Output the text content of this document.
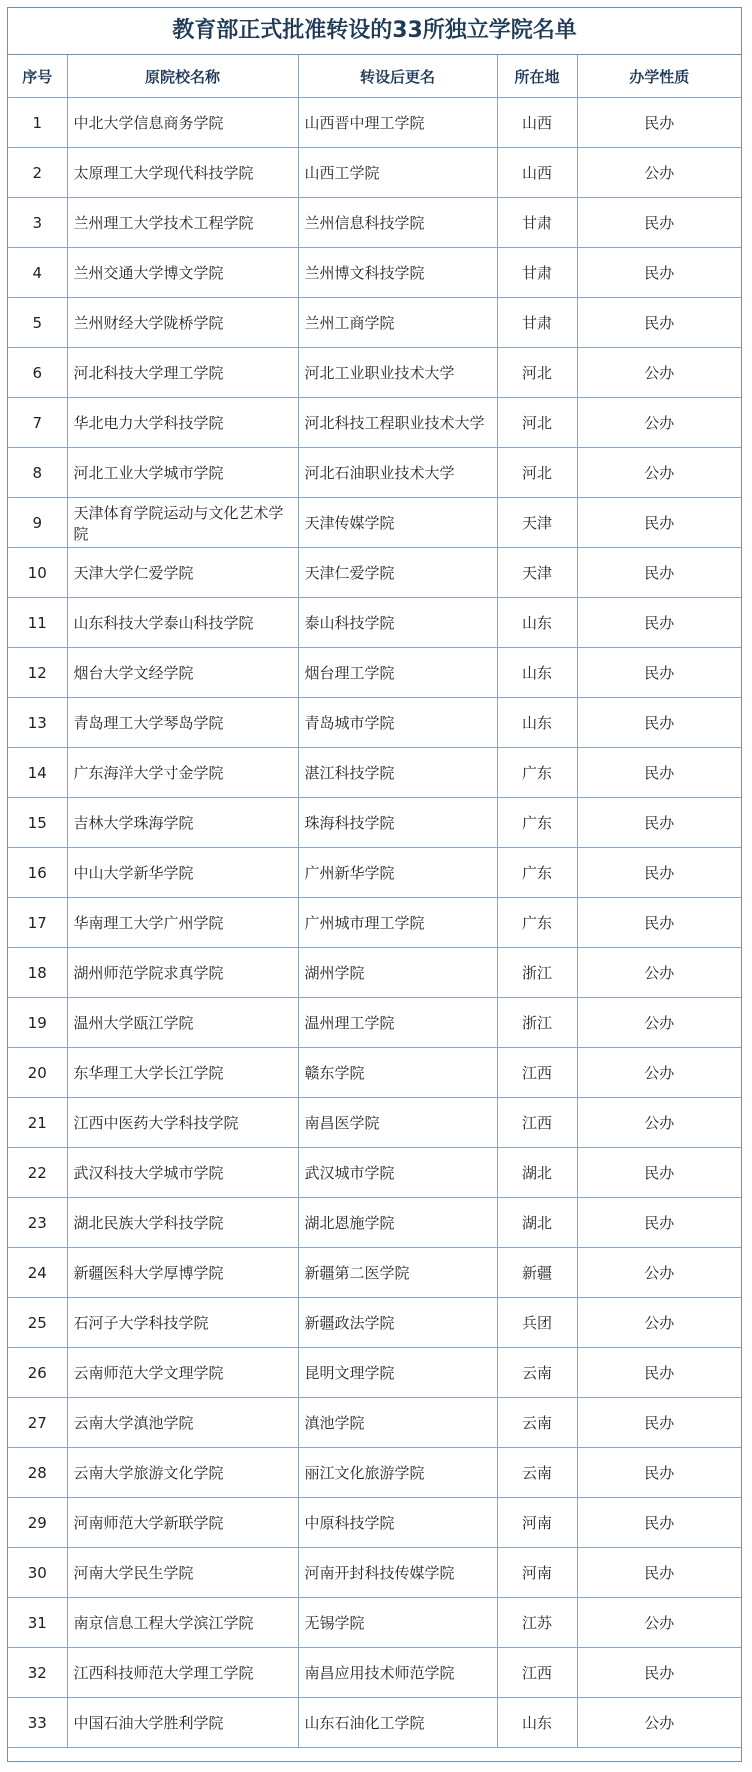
教育部正式批准转设的33所独立学院名单
序号	原院校名称	转设后更名	所在地	办学性质
1	中北大学信息商务学院	山西晋中理工学院	山西	民办
2	太原理工大学现代科技学院	山西工学院	山西	公办
3	兰州理工大学技术工程学院	兰州信息科技学院	甘肃	民办
4	兰州交通大学博文学院	兰州博文科技学院	甘肃	民办
5	兰州财经大学陇桥学院	兰州工商学院	甘肃	民办
6	河北科技大学理工学院	河北工业职业技术大学	河北	公办
7	华北电力大学科技学院	河北科技工程职业技术大学	河北	公办
8	河北工业大学城市学院	河北石油职业技术大学	河北	公办
9	天津体育学院运动与文化艺术学院	天津传媒学院	天津	民办
10	天津大学仁爱学院	天津仁爱学院	天津	民办
11	山东科技大学泰山科技学院	泰山科技学院	山东	民办
12	烟台大学文经学院	烟台理工学院	山东	民办
13	青岛理工大学琴岛学院	青岛城市学院	山东	民办
14	广东海洋大学寸金学院	湛江科技学院	广东	民办
15	吉林大学珠海学院	珠海科技学院	广东	民办
16	中山大学新华学院	广州新华学院	广东	民办
17	华南理工大学广州学院	广州城市理工学院	广东	民办
18	湖州师范学院求真学院	湖州学院	浙江	公办
19	温州大学瓯江学院	温州理工学院	浙江	公办
20	东华理工大学长江学院	赣东学院	江西	公办
21	江西中医药大学科技学院	南昌医学院	江西	公办
22	武汉科技大学城市学院	武汉城市学院	湖北	民办
23	湖北民族大学科技学院	湖北恩施学院	湖北	民办
24	新疆医科大学厚博学院	新疆第二医学院	新疆	公办
25	石河子大学科技学院	新疆政法学院	兵团	公办
26	云南师范大学文理学院	昆明文理学院	云南	民办
27	云南大学滇池学院	滇池学院	云南	民办
28	云南大学旅游文化学院	丽江文化旅游学院	云南	民办
29	河南师范大学新联学院	中原科技学院	河南	民办
30	河南大学民生学院	河南开封科技传媒学院	河南	民办
31	南京信息工程大学滨江学院	无锡学院	江苏	公办
32	江西科技师范大学理工学院	南昌应用技术师范学院	江西	民办
33	中国石油大学胜利学院	山东石油化工学院	山东	公办
